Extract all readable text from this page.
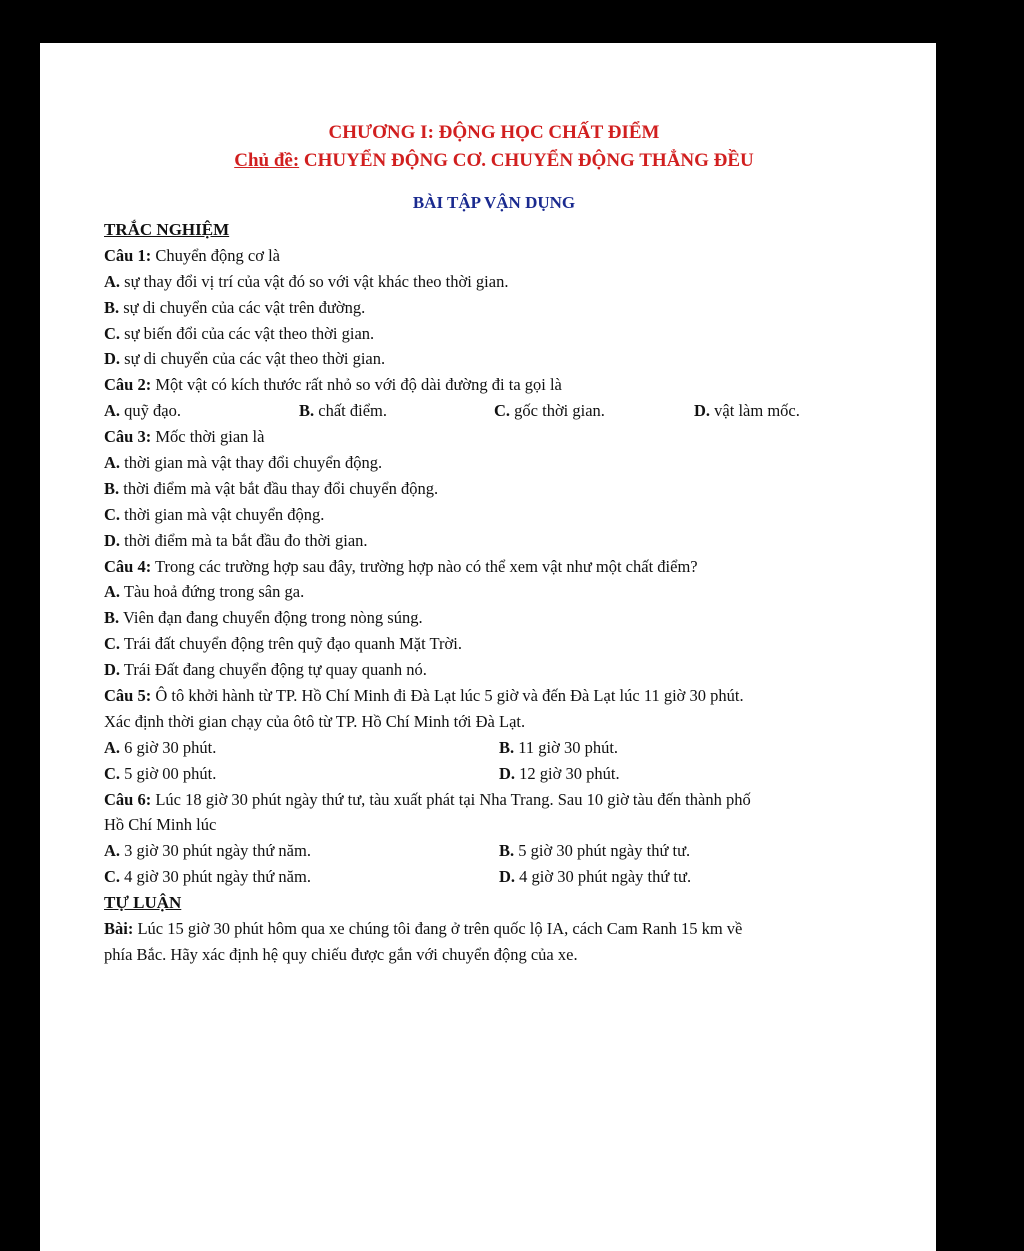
CHƯƠNG I: ĐỘNG HỌC CHẤT ĐIỂM
Chủ đề: CHUYỂN ĐỘNG CƠ. CHUYỂN ĐỘNG THẲNG ĐỀU
BÀI TẬP VẬN DỤNG
TRẮC NGHIỆM
Câu 1: Chuyển động cơ là
A. sự thay đổi vị trí của vật đó so với vật khác theo thời gian.
B. sự di chuyển của các vật trên đường.
C. sự biến đổi của các vật theo thời gian.
D. sự di chuyển của các vật theo thời gian.
Câu 2: Một vật có kích thước rất nhỏ so với độ dài đường đi ta gọi là
A. quỹ đạo.	B. chất điểm.	C. gốc thời gian.	D. vật làm mốc.
Câu 3: Mốc thời gian là
A. thời gian mà vật thay đổi chuyển động.
B. thời điểm mà vật bắt đầu thay đổi chuyển động.
C. thời gian mà vật chuyển động.
D. thời điểm mà ta bắt đầu đo thời gian.
Câu 4: Trong các trường hợp sau đây, trường hợp nào có thể xem vật như một chất điểm?
A. Tàu hoả đứng trong sân ga.
B. Viên đạn đang chuyển động trong nòng súng.
C. Trái đất chuyển động trên quỹ đạo quanh Mặt Trời.
D. Trái Đất đang chuyển động tự quay quanh nó.
Câu 5: Ô tô khởi hành từ TP. Hồ Chí Minh đi Đà Lạt lúc 5 giờ và đến Đà Lạt lúc 11 giờ 30 phút.
Xác định thời gian chạy của ôtô từ TP. Hồ Chí Minh tới Đà Lạt.
A. 6 giờ 30 phút.	B. 11 giờ 30 phút.
C. 5 giờ 00 phút.	D. 12 giờ 30 phút.
Câu 6: Lúc 18 giờ 30 phút ngày thứ tư, tàu xuất phát tại Nha Trang. Sau 10 giờ tàu đến thành phố
Hồ Chí Minh lúc
A. 3 giờ 30 phút ngày thứ năm.	B. 5 giờ 30 phút ngày thứ tư.
C. 4 giờ 30 phút ngày thứ năm.	D. 4 giờ 30 phút ngày thứ tư.
TỰ LUẬN
Bài: Lúc 15 giờ 30 phút hôm qua xe chúng tôi đang ở trên quốc lộ IA, cách Cam Ranh 15 km về
phía Bắc. Hãy xác định hệ quy chiếu được gắn với chuyển động của xe.
